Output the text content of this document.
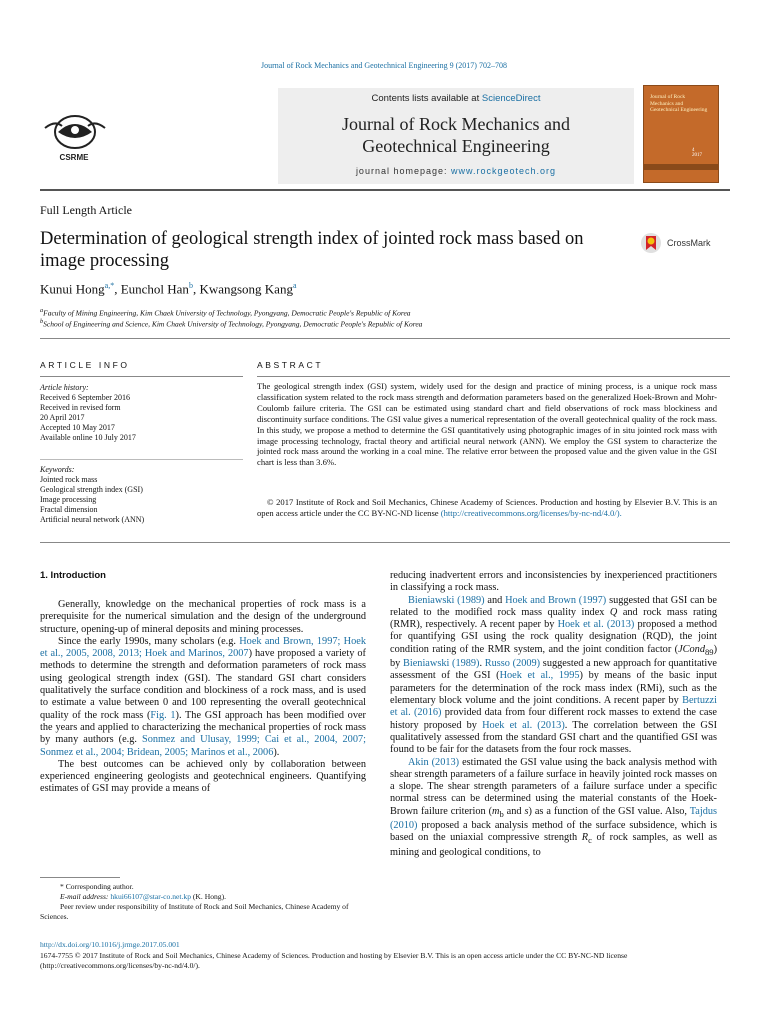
Journal of Rock Mechanics and Geotechnical Engineering 9 (2017) 702–708
Contents lists available at ScienceDirect
Journal of Rock Mechanics and
Geotechnical Engineering
journal homepage: www.rockgeotech.org
CSRME
Journal of Rock Mechanics and Geotechnical Engineering
4
2017
Full Length Article
Determination of geological strength index of jointed rock mass based on image processing
CrossMark
Kunui Hong$^{a,*}$, Eunchol Han$^b$, Kwangsong Kang$^a$
$^a$Faculty of Mining Engineering, Kim Chaek University of Technology, Pyongyang, Democratic People's Republic of Korea
$^b$School of Engineering and Science, Kim Chaek University of Technology, Pyongyang, Democratic People's Republic of Korea
ARTICLE INFO	ABSTRACT
Article history:
Received 6 September 2016
Received in revised form
20 April 2017
Accepted 10 May 2017
Available online 10 July 2017
Keywords:
Jointed rock mass
Geological strength index (GSI)
Image processing
Fractal dimension
Artificial neural network (ANN)
The geological strength index (GSI) system, widely used for the design and practice of mining process, is a unique rock mass classification system related to the rock mass strength and deformation parameters based on the generalized Hoek-Brown and Mohr-Coulomb failure criteria. The GSI can be estimated using standard chart and field observations of rock mass blockiness and discontinuity surface conditions. The GSI value gives a numerical representation of the overall geotechnical quality of the rock mass. In this study, we propose a method to determine the GSI quantitatively using photographic images of in situ jointed rock mass with image processing technology, fractal theory and artificial neural network (ANN). We employ the GSI system to characterize the jointed rock mass around the working in a coal mine. The relative error between the proposed value and the given value in the GSI chart is less than 3.6%.
© 2017 Institute of Rock and Soil Mechanics, Chinese Academy of Sciences. Production and hosting by Elsevier B.V. This is an open access article under the CC BY-NC-ND license (http://creativecommons.org/licenses/by-nc-nd/4.0/).
1. Introduction

Generally, knowledge on the mechanical properties of rock mass is a prerequisite for the numerical simulation and the design of the underground structure, opening-up of mineral deposits and mining processes.

Since the early 1990s, many scholars (e.g. Hoek and Brown, 1997; Hoek et al., 2005, 2008, 2013; Hoek and Marinos, 2007) have proposed a variety of methods to determine the strength and deformation parameters of rock mass using geological strength index (GSI). The standard GSI chart considers qualitatively the surface condition and blockiness of a rock mass, and is used to estimate a value between 0 and 100 representing the overall geotechnical quality of the rock mass (Fig. 1). The GSI approach has been modified over the years and applied to characterizing the mechanical properties of rock mass by many authors (e.g. Sonmez and Ulusay, 1999; Cai et al., 2004, 2007; Sonmez et al., 2004; Bridean, 2005; Marinos et al., 2006).

The best outcomes can be achieved only by collaboration between experienced engineering geologists and geotechnical engineers. Quantifying estimates of GSI may provide a means of

reducing inadvertent errors and inconsistencies by inexperienced practitioners in classifying a rock mass.

Bieniawski (1989) and Hoek and Brown (1997) suggested that GSI can be related to the modified rock mass quality index Q and rock mass rating (RMR), respectively. A recent paper by Hoek et al. (2013) proposed a method for quantifying GSI using the rock quality designation (RQD), the joint condition rating of the RMR system, and the joint condition factor (JCond$_{89}$) by Bieniawski (1989). Russo (2009) suggested a new approach for quantitative assessment of the GSI (Hoek et al., 1995) by means of the basic input parameters for the determination of the rock mass index (RMi), such as the elementary block volume and the joint conditions. A recent paper by Bertuzzi et al. (2016) provided data from four different rock masses to extend the case history proposed by Hoek et al. (2013). The correlation between the GSI qualitatively assessed from the standard GSI chart and the quantified GSI was found to be fair for the datasets from the four rock masses.

Akin (2013) estimated the GSI value using the back analysis method with shear strength parameters of a failure surface in heavily jointed rock masses on a slope. The shear strength parameters of a failure surface under a specific normal stress can be determined using the material constants of the Hoek-Brown failure criterion ($m_b$ and s) as a function of the GSI value. Also, Tajdus (2010) proposed a back analysis method of the surface subsidence, which is based on the uniaxial compressive strength $R_c$ of rock samples, as well as mining and geological conditions, to

* Corresponding author.
E-mail address: hkui66107@star-co.net.kp (K. Hong).
Peer review under responsibility of Institute of Rock and Soil Mechanics, Chinese Academy of Sciences.
http://dx.doi.org/10.1016/j.jrmge.2017.05.001
1674-7755 © 2017 Institute of Rock and Soil Mechanics, Chinese Academy of Sciences. Production and hosting by Elsevier B.V. This is an open access article under the CC BY-NC-ND license (http://creativecommons.org/licenses/by-nc-nd/4.0/).
